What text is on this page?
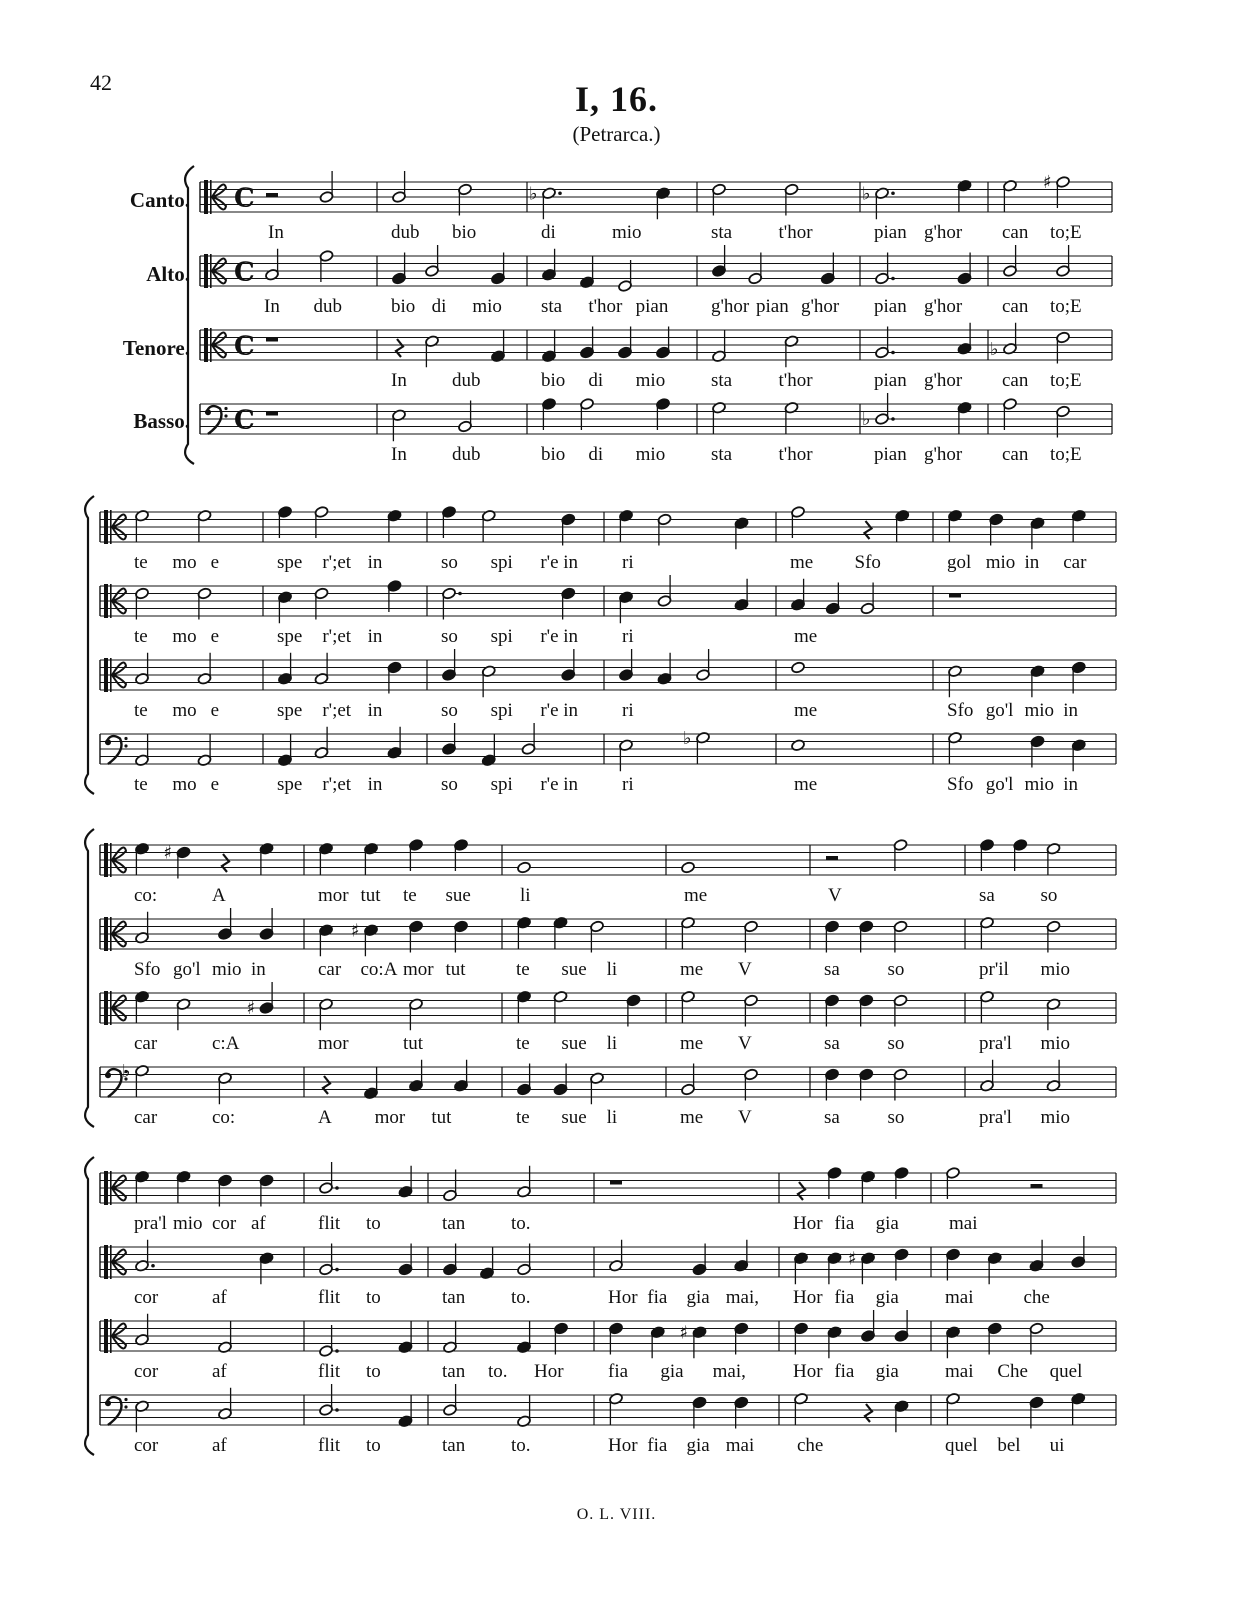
42	I, 16.
(Petrarca.)
Canto.
Alto.
Tenore.
Basso.
C
In	dub bio
♭
di	mio	sta t'hor
♭
pian g'hor
♯
can to;E
C
In dub	bio di mio sta t'hor pian g'hor pian g'hor pian g'hor can to;E
C
In dub	bio di mio sta t'hor	pian g'hor
♭
can to;E
C
In dub	bio di mio sta t'hor
♭
pian g'hor can to;E
te mo e	spe r';et in	so spi r'e in ri	me Sfo	gol mio in car
te mo e	spe r';et in	so spi r'e in ri	me
te mo e	spe r';et in	so spi r'e in ri	me	Sfo go'l mio in
te mo e	spe r';et in	so spi r'e in
♭
ri	me	Sfo go'l mio in
♯
co:	A	mor tut te sue	li	me	V	sa so
Sfo go'l mio in
♯
car co:A mor tut	te sue li	me V	sa	so	pr'il mio
♯
car	c:A	mor	tut	te sue li	me V	sa	so	pra'l mio
♭
car	co:	A mor tut	te sue li	me V	sa	so	pra'l mio
pra'l mio cor af	flit to	tan to.	Hor fia gia	mai
cor	af	flit to	tan to.	Hor fia gia mai,
♯
Hor fia gia mai	che
cor	af	flit to	tan to. Hor
♯
fia gia mai, Hor fia gia mai Che quel
cor	af	flit to	tan to.	Hor fia gia mai che	quel bel ui
O. L. VIII.
